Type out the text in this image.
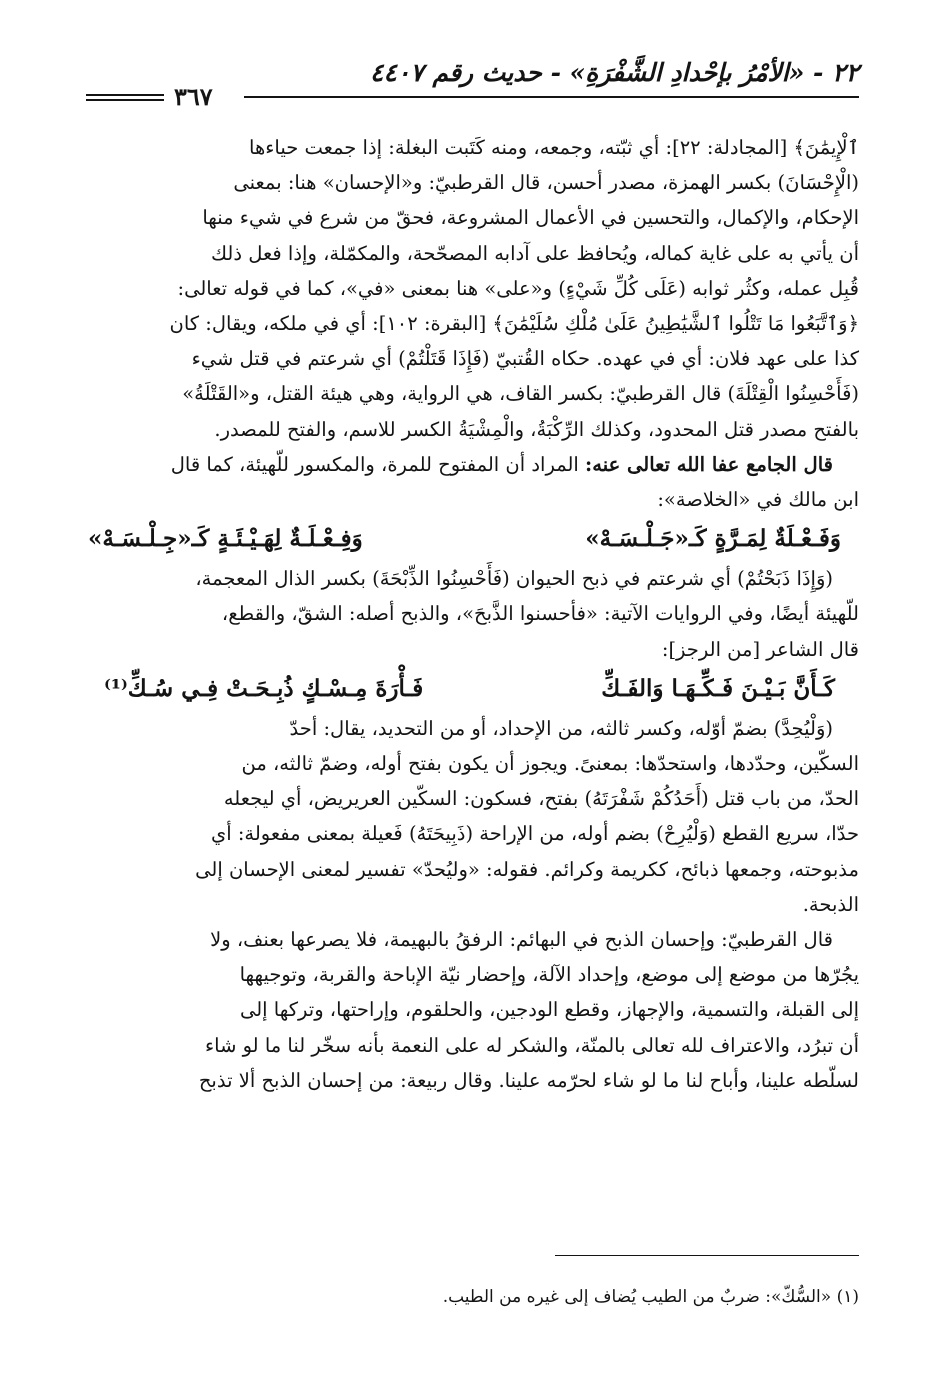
٢٢ - «الأمْرُ بإحْدادِ الشَّفْرَةِ» - حديث رقم ٤٤٠٧
٣٦٧

ٱلْإِيمَٰنَ﴾ [المجادلة: ٢٢]: أي ثبّته، وجمعه، ومنه كَتَبت البغلة: إذا جمعت حياءها

(الْإِحْسَانَ) بكسر الهمزة، مصدر أحسن، قال القرطبيّ: و«الإحسان» هنا: بمعنى

الإحكام، والإكمال، والتحسين في الأعمال المشروعة، فحقّ من شرع في شيء منها

أن يأتي به على غاية كماله، ويُحافظ على آدابه المصحّحة، والمكمّلة، وإذا فعل ذلك

قُبِل عمله، وكثُر ثوابه (عَلَى كُلِّ شَيْءٍ) و«على» هنا بمعنى «في»، كما في قوله تعالى:

﴿وَٱتَّبَعُوا مَا تَتْلُوا ٱلشَّيَٰطِينُ عَلَىٰ مُلْكِ سُلَيْمَٰنَ﴾ [البقرة: ١٠٢]: أي في ملكه، ويقال: كان

كذا على عهد فلان: أي في عهده. حكاه القُتبيّ (فَإِذَا قَتَلْتُمْ) أي شرعتم في قتل شيء

(فَأَحْسِنُوا الْقِتْلَةَ) قال القرطبيّ: بكسر القاف، هي الرواية، وهي هيئة القتل، و«القَتْلَةُ»

بالفتح مصدر قتل المحدود، وكذلك الرِّكْبَةُ، والْمِشْيَةُ الكسر للاسم، والفتح للمصدر.

قال الجامع عفا الله تعالى عنه: المراد أن المفتوح للمرة، والمكسور للّهيئة، كما قال

ابن مالك في «الخلاصة»:

وَفَـعْـلَةٌ لِمَـرَّةٍ كَـ«جَـلْـسَـهْ»
وَفِـعْـلَـةٌ لِهَـيْـئَـةٍ كَـ«جِـلْـسَـهْ»

(وَإِذَا ذَبَحْتُمْ) أي شرعتم في ذبح الحيوان (فَأَحْسِنُوا الذِّبْحَةَ) بكسر الذال المعجمة،

للّهيئة أيضًا، وفي الروايات الآتية: «فأحسنوا الذَّبحَ»، والذبح أصله: الشقّ، والقطع،

قال الشاعر [من الرجز]:

كَـأَنَّ بَـيْـنَ فَـكِّـهَـا وَالفَـكِّ
فَـأْرَةَ مِـسْـكٍ ذُبِـحَـتْ فِـي سُـكِّ⁽¹⁾

(وَلْيُحِدَّ) بضمّ أوّله، وكسر ثالثه، من الإحداد، أو من التحديد، يقال: أحدّ

السكّين، وحدّدها، واستحدّها: بمعنىً. ويجوز أن يكون بفتح أوله، وضمّ ثالثه، من

الحدّ، من باب قتل (أَحَدُكُمْ شَفْرَتَهُ) بفتح، فسكون: السكّين العريريض، أي ليجعله

حدّا، سريع القطع (وَلْيُرِحْ) بضم أوله، من الإراحة (ذَبِيحَتَهُ) فَعيلة بمعنى مفعولة: أي

مذبوحته، وجمعها ذبائح، ككريمة وكرائم. فقوله: «وليُحدّ» تفسير لمعنى الإحسان إلى

الذبحة.

قال القرطبيّ: وإحسان الذبح في البهائم: الرفقُ بالبهيمة، فلا يصرعها بعنف، ولا

يجُرّها من موضع إلى موضع، وإحداد الآلة، وإحضار نيّة الإباحة والقربة، وتوجيهها

إلى القبلة، والتسمية، والإجهاز، وقطع الودجين، والحلقوم، وإراحتها، وتركها إلى

أن تبرُد، والاعتراف لله تعالى بالمنّة، والشكر له على النعمة بأنه سخّر لنا ما لو شاء

لسلّطه علينا، وأباح لنا ما لو شاء لحرّمه علينا. وقال ربيعة: من إحسان الذبح ألا تذبح

(١) «السُّكّ»: ضربٌ من الطيب يُضاف إلى غيره من الطيب.
